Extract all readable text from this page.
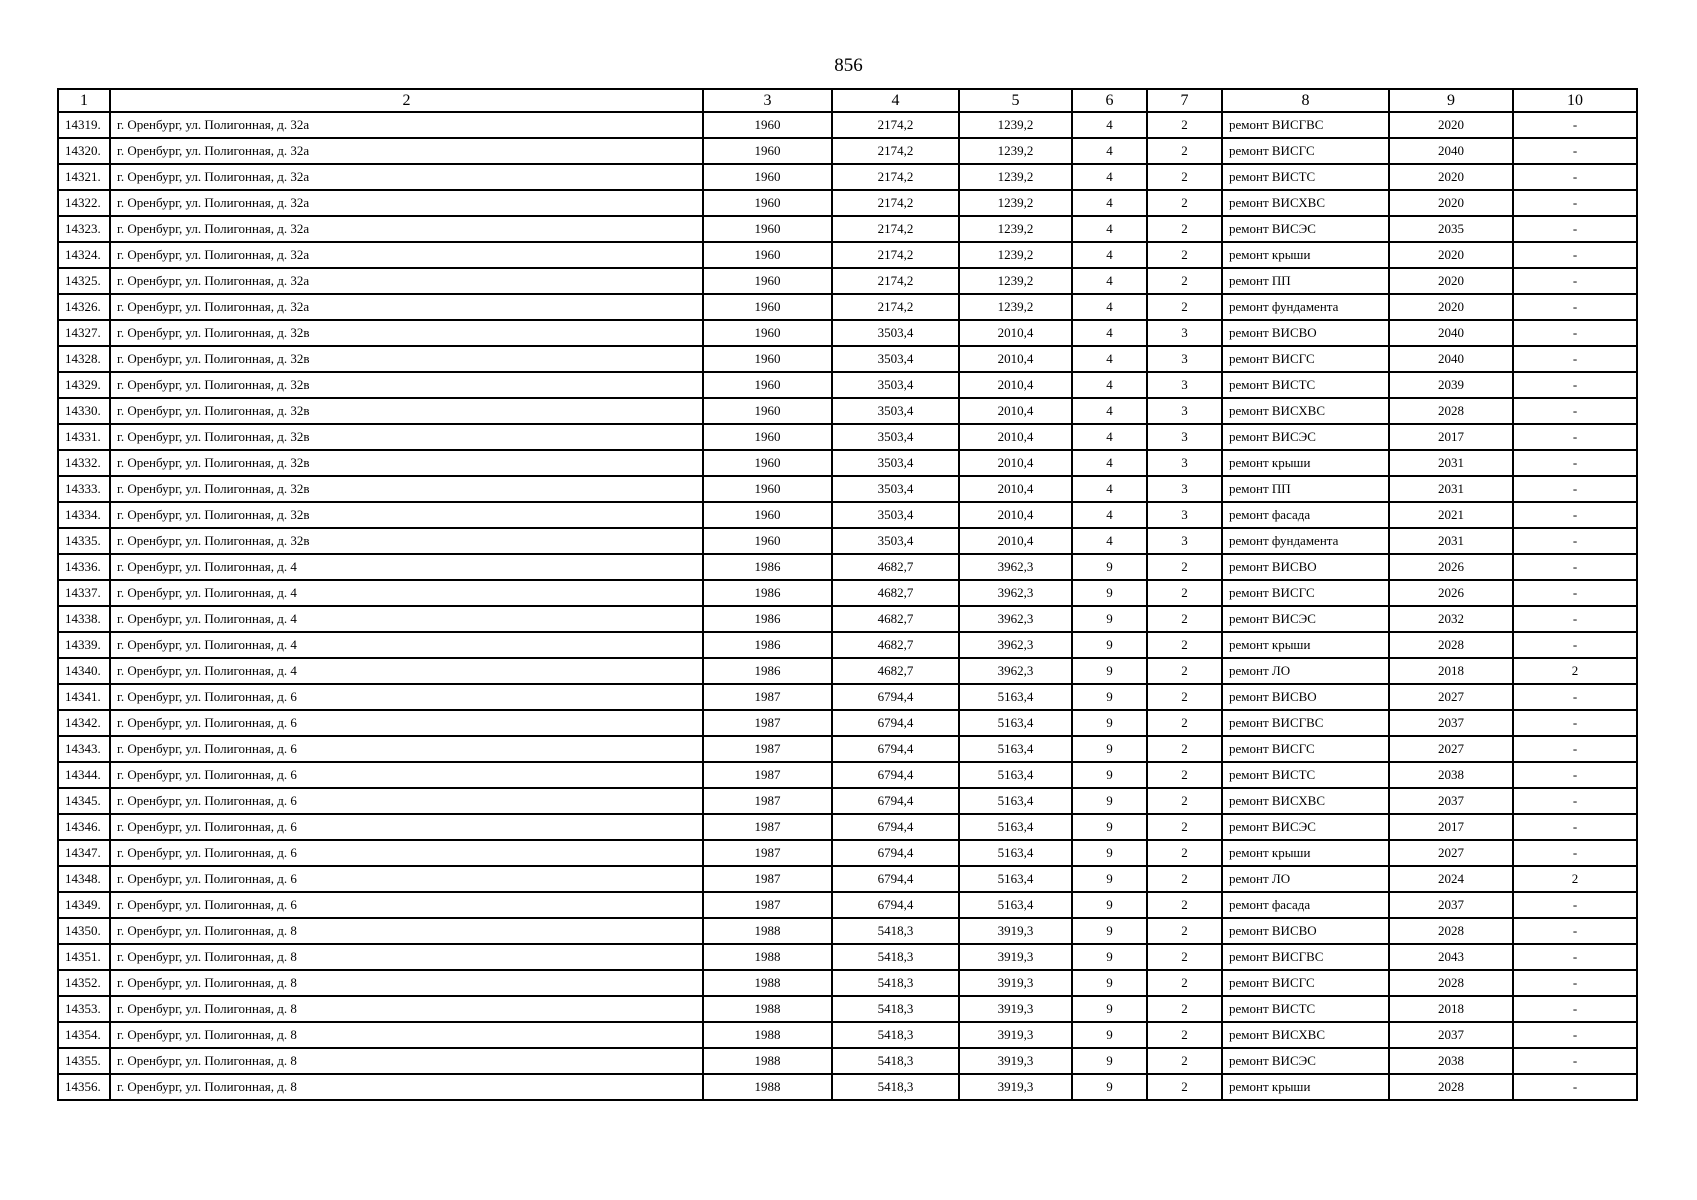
856
1	2	3	4	5	6	7	8	9	10
14319.	г. Оренбург, ул. Полигонная, д. 32а	1960	2174,2	1239,2	4	2	ремонт ВИСГВС	2020	-
14320.	г. Оренбург, ул. Полигонная, д. 32а	1960	2174,2	1239,2	4	2	ремонт ВИСГС	2040	-
14321.	г. Оренбург, ул. Полигонная, д. 32а	1960	2174,2	1239,2	4	2	ремонт ВИСТС	2020	-
14322.	г. Оренбург, ул. Полигонная, д. 32а	1960	2174,2	1239,2	4	2	ремонт ВИСХВС	2020	-
14323.	г. Оренбург, ул. Полигонная, д. 32а	1960	2174,2	1239,2	4	2	ремонт ВИСЭС	2035	-
14324.	г. Оренбург, ул. Полигонная, д. 32а	1960	2174,2	1239,2	4	2	ремонт крыши	2020	-
14325.	г. Оренбург, ул. Полигонная, д. 32а	1960	2174,2	1239,2	4	2	ремонт ПП	2020	-
14326.	г. Оренбург, ул. Полигонная, д. 32а	1960	2174,2	1239,2	4	2	ремонт фундамента	2020	-
14327.	г. Оренбург, ул. Полигонная, д. 32в	1960	3503,4	2010,4	4	3	ремонт ВИСВО	2040	-
14328.	г. Оренбург, ул. Полигонная, д. 32в	1960	3503,4	2010,4	4	3	ремонт ВИСГС	2040	-
14329.	г. Оренбург, ул. Полигонная, д. 32в	1960	3503,4	2010,4	4	3	ремонт ВИСТС	2039	-
14330.	г. Оренбург, ул. Полигонная, д. 32в	1960	3503,4	2010,4	4	3	ремонт ВИСХВС	2028	-
14331.	г. Оренбург, ул. Полигонная, д. 32в	1960	3503,4	2010,4	4	3	ремонт ВИСЭС	2017	-
14332.	г. Оренбург, ул. Полигонная, д. 32в	1960	3503,4	2010,4	4	3	ремонт крыши	2031	-
14333.	г. Оренбург, ул. Полигонная, д. 32в	1960	3503,4	2010,4	4	3	ремонт ПП	2031	-
14334.	г. Оренбург, ул. Полигонная, д. 32в	1960	3503,4	2010,4	4	3	ремонт фасада	2021	-
14335.	г. Оренбург, ул. Полигонная, д. 32в	1960	3503,4	2010,4	4	3	ремонт фундамента	2031	-
14336.	г. Оренбург, ул. Полигонная, д. 4	1986	4682,7	3962,3	9	2	ремонт ВИСВО	2026	-
14337.	г. Оренбург, ул. Полигонная, д. 4	1986	4682,7	3962,3	9	2	ремонт ВИСГС	2026	-
14338.	г. Оренбург, ул. Полигонная, д. 4	1986	4682,7	3962,3	9	2	ремонт ВИСЭС	2032	-
14339.	г. Оренбург, ул. Полигонная, д. 4	1986	4682,7	3962,3	9	2	ремонт крыши	2028	-
14340.	г. Оренбург, ул. Полигонная, д. 4	1986	4682,7	3962,3	9	2	ремонт ЛО	2018	2
14341.	г. Оренбург, ул. Полигонная, д. 6	1987	6794,4	5163,4	9	2	ремонт ВИСВО	2027	-
14342.	г. Оренбург, ул. Полигонная, д. 6	1987	6794,4	5163,4	9	2	ремонт ВИСГВС	2037	-
14343.	г. Оренбург, ул. Полигонная, д. 6	1987	6794,4	5163,4	9	2	ремонт ВИСГС	2027	-
14344.	г. Оренбург, ул. Полигонная, д. 6	1987	6794,4	5163,4	9	2	ремонт ВИСТС	2038	-
14345.	г. Оренбург, ул. Полигонная, д. 6	1987	6794,4	5163,4	9	2	ремонт ВИСХВС	2037	-
14346.	г. Оренбург, ул. Полигонная, д. 6	1987	6794,4	5163,4	9	2	ремонт ВИСЭС	2017	-
14347.	г. Оренбург, ул. Полигонная, д. 6	1987	6794,4	5163,4	9	2	ремонт крыши	2027	-
14348.	г. Оренбург, ул. Полигонная, д. 6	1987	6794,4	5163,4	9	2	ремонт ЛО	2024	2
14349.	г. Оренбург, ул. Полигонная, д. 6	1987	6794,4	5163,4	9	2	ремонт фасада	2037	-
14350.	г. Оренбург, ул. Полигонная, д. 8	1988	5418,3	3919,3	9	2	ремонт ВИСВО	2028	-
14351.	г. Оренбург, ул. Полигонная, д. 8	1988	5418,3	3919,3	9	2	ремонт ВИСГВС	2043	-
14352.	г. Оренбург, ул. Полигонная, д. 8	1988	5418,3	3919,3	9	2	ремонт ВИСГС	2028	-
14353.	г. Оренбург, ул. Полигонная, д. 8	1988	5418,3	3919,3	9	2	ремонт ВИСТС	2018	-
14354.	г. Оренбург, ул. Полигонная, д. 8	1988	5418,3	3919,3	9	2	ремонт ВИСХВС	2037	-
14355.	г. Оренбург, ул. Полигонная, д. 8	1988	5418,3	3919,3	9	2	ремонт ВИСЭС	2038	-
14356.	г. Оренбург, ул. Полигонная, д. 8	1988	5418,3	3919,3	9	2	ремонт крыши	2028	-
